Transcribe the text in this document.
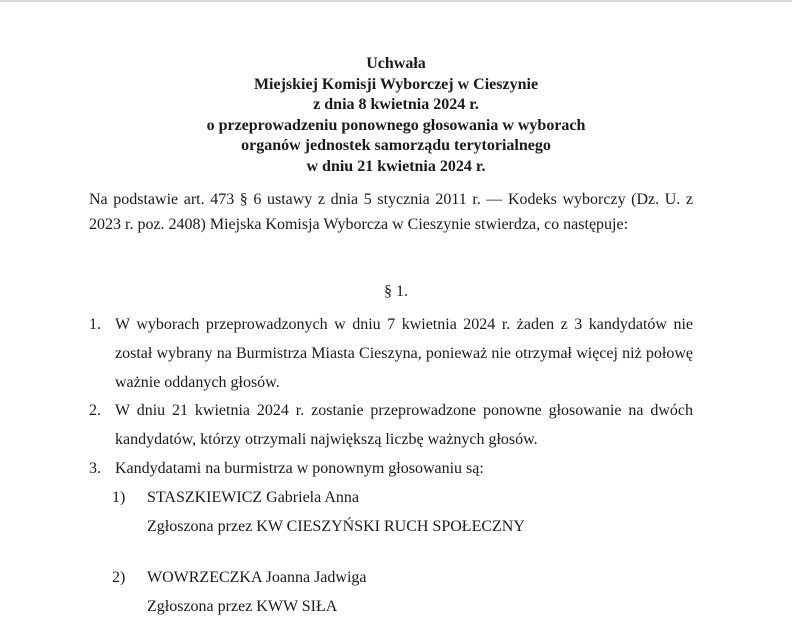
Uchwała
Miejskiej Komisji Wyborczej w Cieszynie
z dnia 8 kwietnia 2024 r.
o przeprowadzeniu ponownego głosowania w wyborach
organów jednostek samorządu terytorialnego
w dniu 21 kwietnia 2024 r.
Na podstawie art. 473 § 6 ustawy z dnia 5 stycznia 2011 r. — Kodeks wyborczy (Dz. U. z 2023 r. poz. 2408) Miejska Komisja Wyborcza w Cieszynie stwierdza, co następuje:
§ 1.
1. W wyborach przeprowadzonych w dniu 7 kwietnia 2024 r. żaden z 3 kandydatów nie został wybrany na Burmistrza Miasta Cieszyna, ponieważ nie otrzymał więcej niż połowę ważnie oddanych głosów.
2. W dniu 21 kwietnia 2024 r. zostanie przeprowadzone ponowne głosowanie na dwóch kandydatów, którzy otrzymali największą liczbę ważnych głosów.
3. Kandydatami na burmistrza w ponownym głosowaniu są:
1) STASZKIEWICZ Gabriela Anna
Zgłoszona przez KW CIESZYŃSKI RUCH SPOŁECZNY
2) WOWRZECZKA Joanna Jadwiga
Zgłoszona przez KWW SIŁA
